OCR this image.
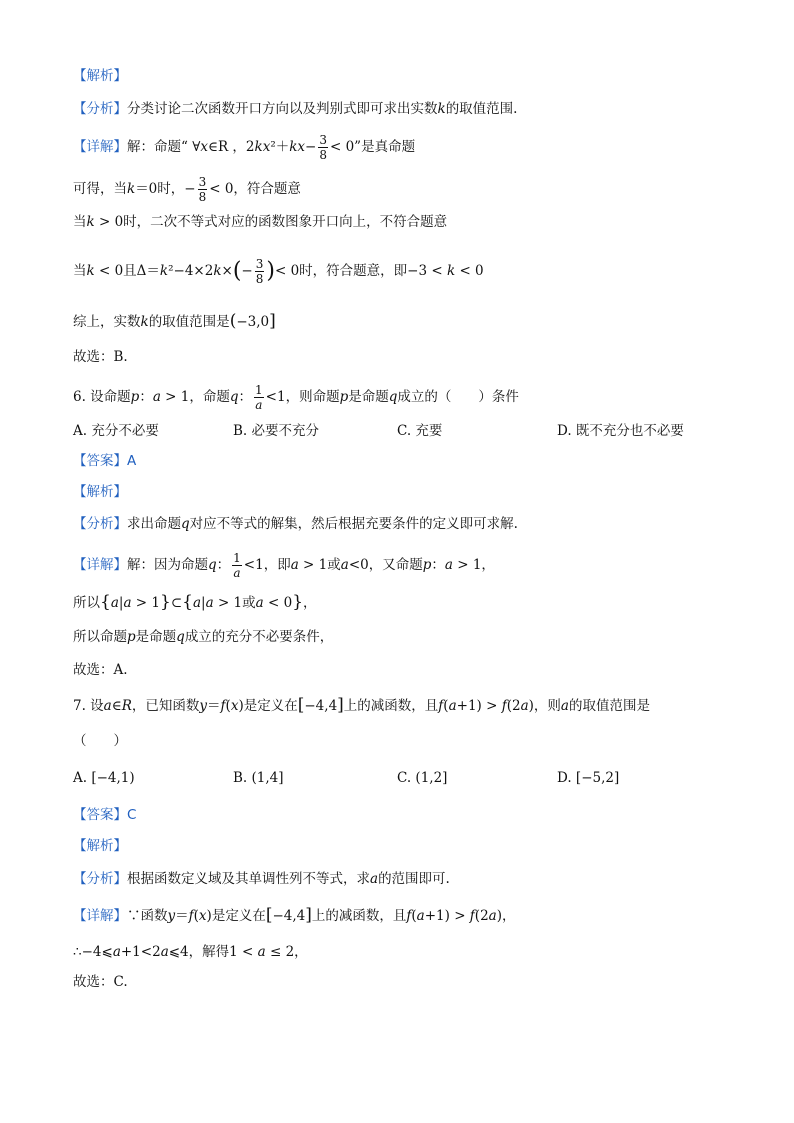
【解析】
【分析】分类讨论二次函数开口方向以及判别式即可求出实数k的取值范围.
【详解】解：命题“ ∀x∈R ，$2kx^2+kx- \frac{3}{8} < 0$”是真命题
可得，当k＝0时，− $\frac{3}{8} < 0$，符合题意
当k > 0时，二次不等式对应的函数图象开口向上，不符合题意
当k < 0且$\Delta=k^2-4\times 2k\times(- \frac{3}{8}$ )< 0时，符合题意，即−3 < k < 0
综上，实数k的取值范围是(−3,0]
故选：B.
6. 设命题p：a > 1，命题q： $\frac{1}{a} <1$，则命题p是命题q成立的（　　）条件
A. 充分不必要	B. 必要不充分	C. 充要	D. 既不充分也不必要
【答案】A
【解析】
【分析】求出命题q对应不等式的解集，然后根据充要条件的定义即可求解.
【详解】解：因为命题q： $\frac{1}{a} <1$，即a > 1或a<0，又命题p：a > 1，
所以{a|a > 1}⊂{a|a > 1或a < 0}，
所以命题p是命题q成立的充分不必要条件，
故选：A.
7. 设a∈R，已知函数y＝f(x)是定义在[−4,4]上的减函数，且f(a+1) > f(2a)，则a的取值范围是
（　　）
A. [−4,1)	B. (1,4]	C. (1,2]	D. [−5,2]
【答案】C
【解析】
【分析】根据函数定义域及其单调性列不等式，求a的范围即可.
【详解】∵函数y＝f(x)是定义在[−4,4]上的减函数，且f(a+1) > f(2a)，
∴−4⩽a+1<2a⩽4，解得1 < a ≤ 2，
故选：C.
